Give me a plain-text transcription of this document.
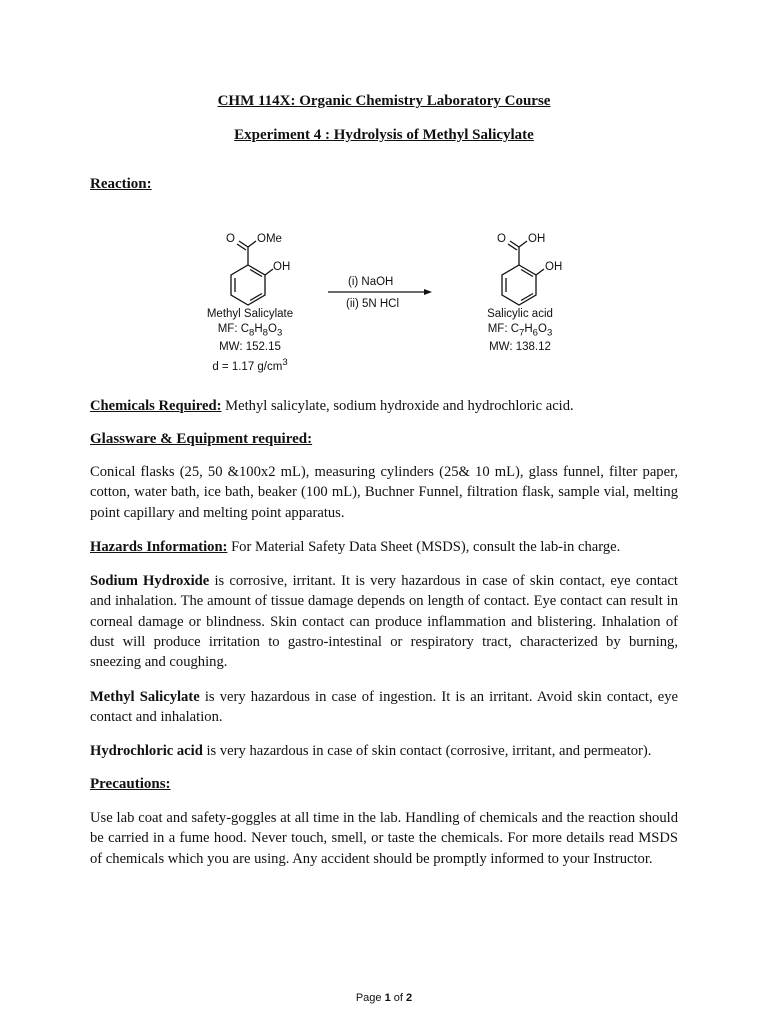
CHM 114X: Organic Chemistry Laboratory Course
Experiment 4 : Hydrolysis of Methyl Salicylate
Reaction:
O OMe
OH
(i) NaOH
(ii) 5N HCl
O OH
OH
Methyl Salicylate
MF: $C_8H_8O_3$
MW: 152.15
d = 1.17 $g/cm^3$
Salicylic acid
MF: $C_7H_6O_3$
MW: 138.12
Chemicals Required: Methyl salicylate, sodium hydroxide and hydrochloric acid.
Glassware & Equipment required:
Conical flasks (25, 50 &100x2 mL), measuring cylinders (25& 10 mL), glass funnel, filter paper, cotton, water bath, ice bath, beaker (100 mL), Buchner Funnel, filtration flask, sample vial, melting point capillary and melting point apparatus.
Hazards Information: For Material Safety Data Sheet (MSDS), consult the lab-in charge.
Sodium Hydroxide is corrosive, irritant. It is very hazardous in case of skin contact, eye contact and inhalation. The amount of tissue damage depends on length of contact. Eye contact can result in corneal damage or blindness. Skin contact can produce inflammation and blistering. Inhalation of dust will produce irritation to gastro-intestinal or respiratory tract, characterized by burning, sneezing and coughing.
Methyl Salicylate is very hazardous in case of ingestion. It is an irritant. Avoid skin contact, eye contact and inhalation.
Hydrochloric acid is very hazardous in case of skin contact (corrosive, irritant, and permeator).
Precautions:
Use lab coat and safety-goggles at all time in the lab. Handling of chemicals and the reaction should be carried in a fume hood. Never touch, smell, or taste the chemicals. For more details read MSDS of chemicals which you are using. Any accident should be promptly informed to your Instructor.
Page 1 of 2
